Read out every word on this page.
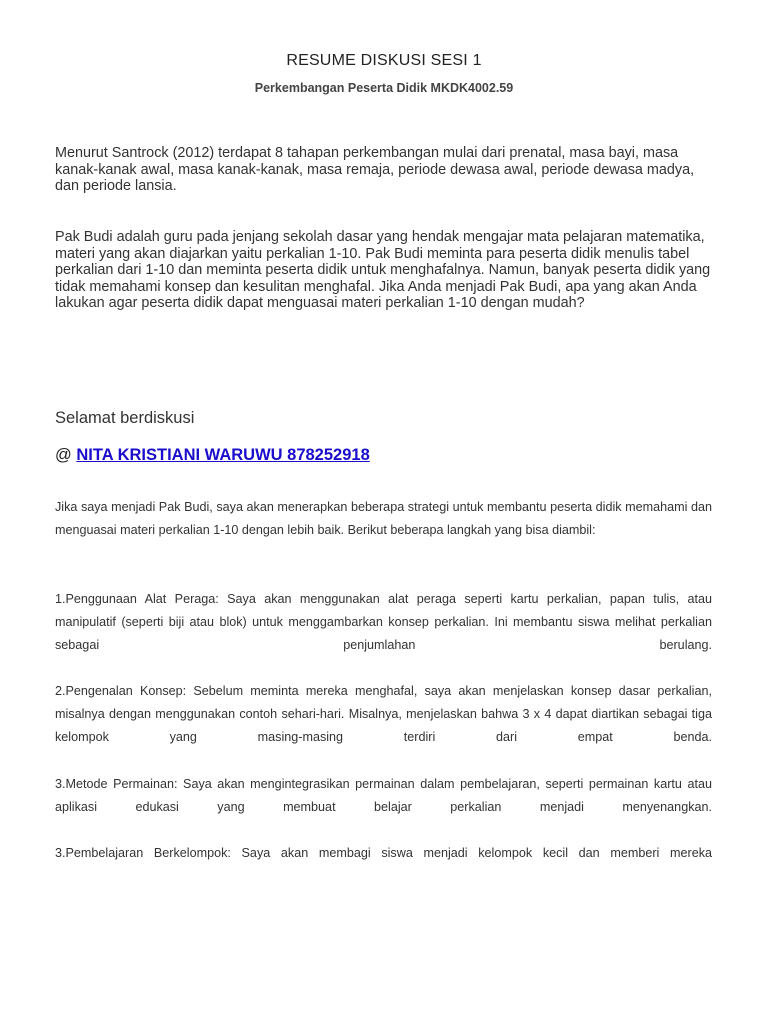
RESUME DISKUSI SESI 1
Perkembangan Peserta Didik MKDK4002.59
Menurut Santrock (2012) terdapat 8 tahapan perkembangan mulai dari prenatal, masa bayi, masa kanak-kanak awal, masa kanak-kanak, masa remaja, periode dewasa awal, periode dewasa madya, dan periode lansia.
Pak Budi adalah guru pada jenjang sekolah dasar yang hendak mengajar mata pelajaran matematika, materi yang akan diajarkan yaitu perkalian 1-10. Pak Budi meminta para peserta didik menulis tabel perkalian dari 1-10 dan meminta peserta didik untuk menghafalnya. Namun, banyak peserta didik yang tidak memahami konsep dan kesulitan menghafal. Jika Anda menjadi Pak Budi, apa yang akan Anda lakukan agar peserta didik dapat menguasai materi perkalian 1-10 dengan mudah?
Selamat berdiskusi
@ NITA KRISTIANI WARUWU 878252918
Jika saya menjadi Pak Budi, saya akan menerapkan beberapa strategi untuk membantu peserta didik memahami dan menguasai materi perkalian 1-10 dengan lebih baik. Berikut beberapa langkah yang bisa diambil:
1.Penggunaan Alat Peraga: Saya akan menggunakan alat peraga seperti kartu perkalian, papan tulis, atau manipulatif (seperti biji atau blok) untuk menggambarkan konsep perkalian. Ini membantu siswa melihat perkalian sebagai penjumlahan berulang.
2.Pengenalan Konsep: Sebelum meminta mereka menghafal, saya akan menjelaskan konsep dasar perkalian, misalnya dengan menggunakan contoh sehari-hari. Misalnya, menjelaskan bahwa 3 x 4 dapat diartikan sebagai tiga kelompok yang masing-masing terdiri dari empat benda.
3.Metode Permainan: Saya akan mengintegrasikan permainan dalam pembelajaran, seperti permainan kartu atau aplikasi edukasi yang membuat belajar perkalian menjadi menyenangkan.
3.Pembelajaran Berkelompok: Saya akan membagi siswa menjadi kelompok kecil dan memberi mereka
